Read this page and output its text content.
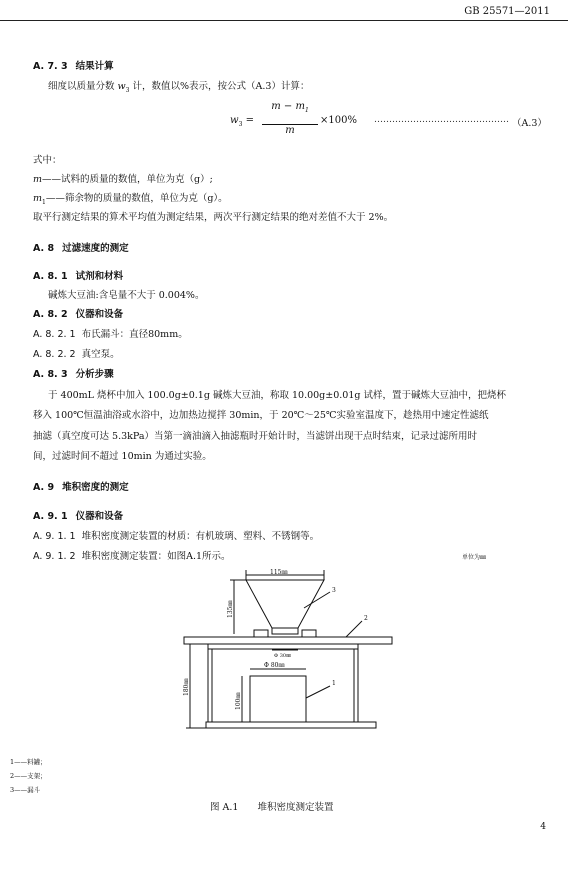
GB 25571—2011
A. 7. 3 结果计算
细度以质量分数 $w_3$ 计，数值以%表示，按公式（A.3）计算：
$m - m_1$
m
$w_3$ =	×100% ……………………………………… （A.3）
式中：
m——试料的质量的数值，单位为克（g）;
$m_1——$筛余物的质量的数值，单位为克（g）。
取平行测定结果的算术平均值为测定结果，两次平行测定结果的绝对差值不大于 2%。
A. 8 过滤速度的测定
A. 8. 1 试剂和材料
碱炼大豆油:含皂量不大于 0.004%。
A. 8. 2 仪器和设备
A. 8. 2. 1 布氏漏斗：直径80mm。
A. 8. 2. 2 真空泵。
A. 8. 3 分析步骤
于 400mL 烧杯中加入 100.0g±0.1g 碱炼大豆油，称取 10.00g±0.01g 试样，置于碱炼大豆油中，把烧杯
移入 100℃恒温油浴或水浴中，边加热边搅拌 30min，于 20℃～25℃实验室温度下，趁热用中速定性滤纸
抽滤（真空度可达 5.3kPa）当第一滴油滴入抽滤瓶时开始计时，当滤饼出现干点时结束，记录过滤所用时
间，过滤时间不超过 10min 为通过实验。
A. 9 堆积密度的测定
A. 9. 1 仪器和设备
A. 9. 1. 1 堆积密度测定装置的材质：有机玻璃、塑料、不锈钢等。
A. 9. 1. 2 堆积密度测定装置：如图A.1所示。	单位为㎜
115㎜
135㎜
Φ 30㎜
Φ 80㎜
180㎜
100㎜
3
2
1
1——料罐；
2——支架；
3——漏斗
图 A.1　　堆积密度测定装置
4
